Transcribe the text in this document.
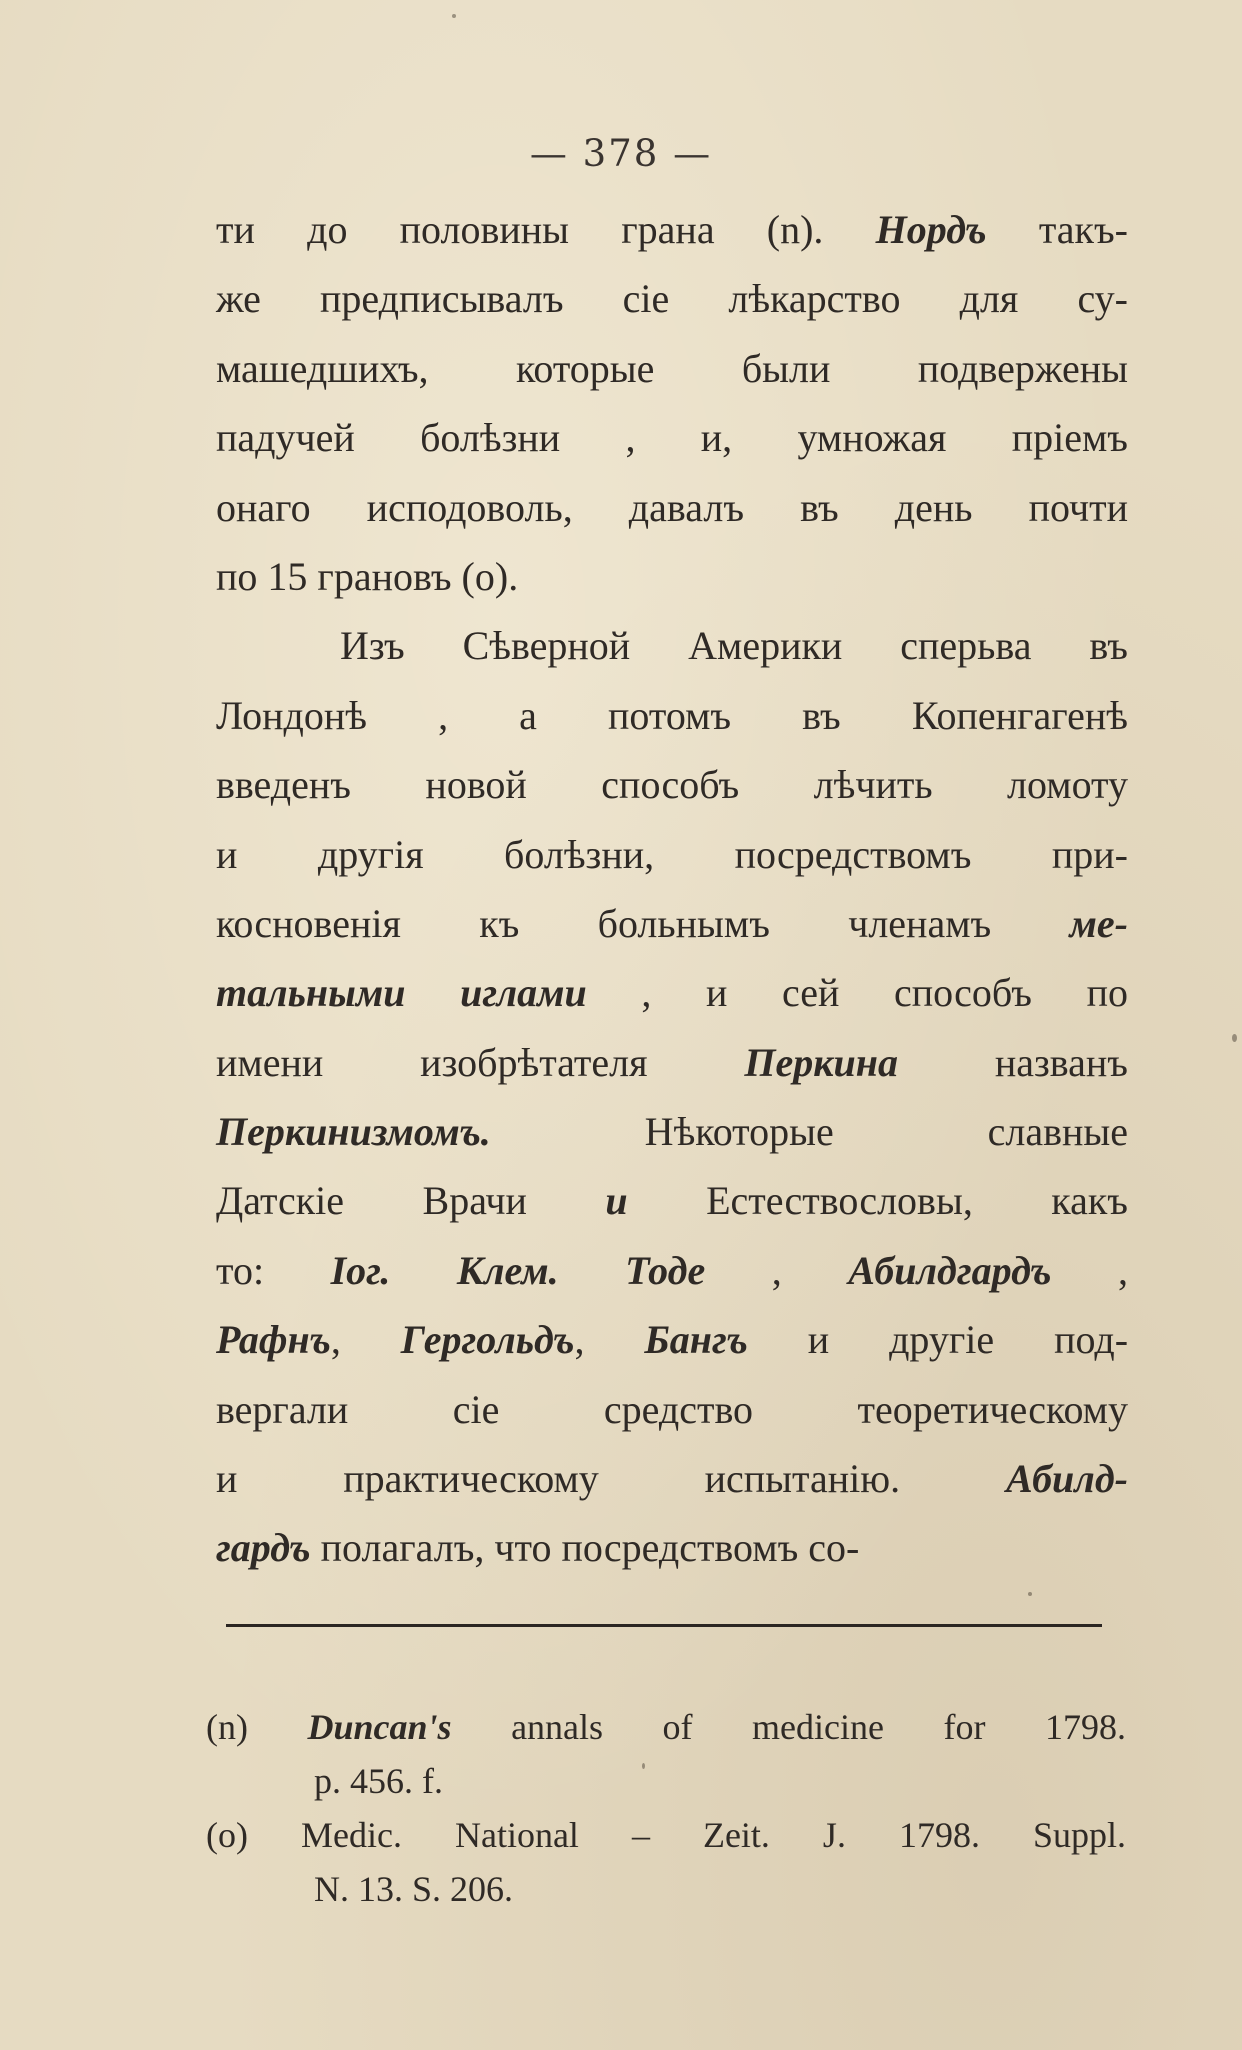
— 378 —
ти до половины грана (n). Нордъ такъ-
же предписывалъ сiе лѣкарство для су-
машедшихъ, которые были подвержены
падучей болѣзни , и, умножая прiемъ
онаго исподоволь, давалъ въ день почти
по 15 гpановъ (о).
Изъ Сѣверной Америки сперьва въ
Лондонѣ , а потомъ въ Копенгагенѣ
введенъ новой способъ лѣчить ломоту
и другiя болѣзни, посредствомъ при-
косновенiя къ больнымъ членамъ ме-
тальными иглами , и сей способъ по
имени изобрѣтателя Перкина названъ
Перкинизмомъ. Нѣкоторые славные
Датскiе Врачи и Естествословы, какъ
то: Iог. Клем. Тоде , Абилдгардъ ,
Рафнъ, Гергольдъ, Бангъ и другiе под-
вергали сiе средство теоретическому
и практическому испытанiю. Абилд-
гардъ полагалъ, что посредствомъ со-
(n) Duncan's annals of medicine for 1798.
p. 456. f.
(o) Medic. National – Zeit. J. 1798. Suppl.
N. 13. S. 206.
